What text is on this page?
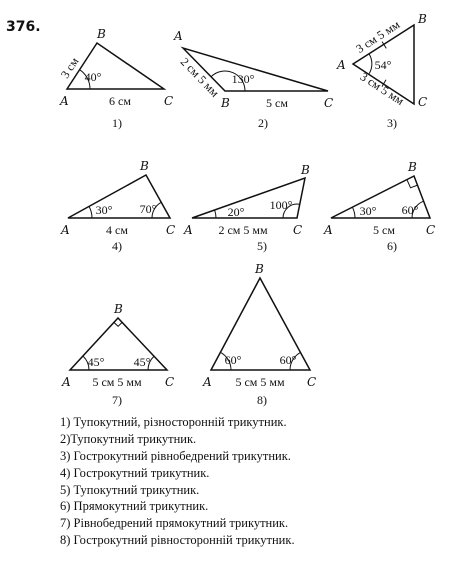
376.
A
B
C
3 см
6 см
40°
1)
A
B	C
2 см 5 мм
5 см
130°
2)
A
B
C
3 см 5 мм
3 см 5 мм
54°
3)
A
B
C
4 см
30° 70°
4)
A
B
C
2 см 5 мм
20° 100°
5)
A
B
C
5 см
30° 60°
6)
A
B
C
5 см 5 мм
45° 45°
7)
A
B
C
5 см 5 мм
60°	60°
8)
1) Тупокутний, різносторонній трикутник.
2)Тупокутний трикутник.
3) Гострокутний рівнобедрений трикутник.
4) Гострокутний трикутник.
5) Тупокутний трикутник.
6) Прямокутний трикутник.
7) Рівнобедрений прямокутний трикутник.
8) Гострокутний рівносторонній трикутник.
